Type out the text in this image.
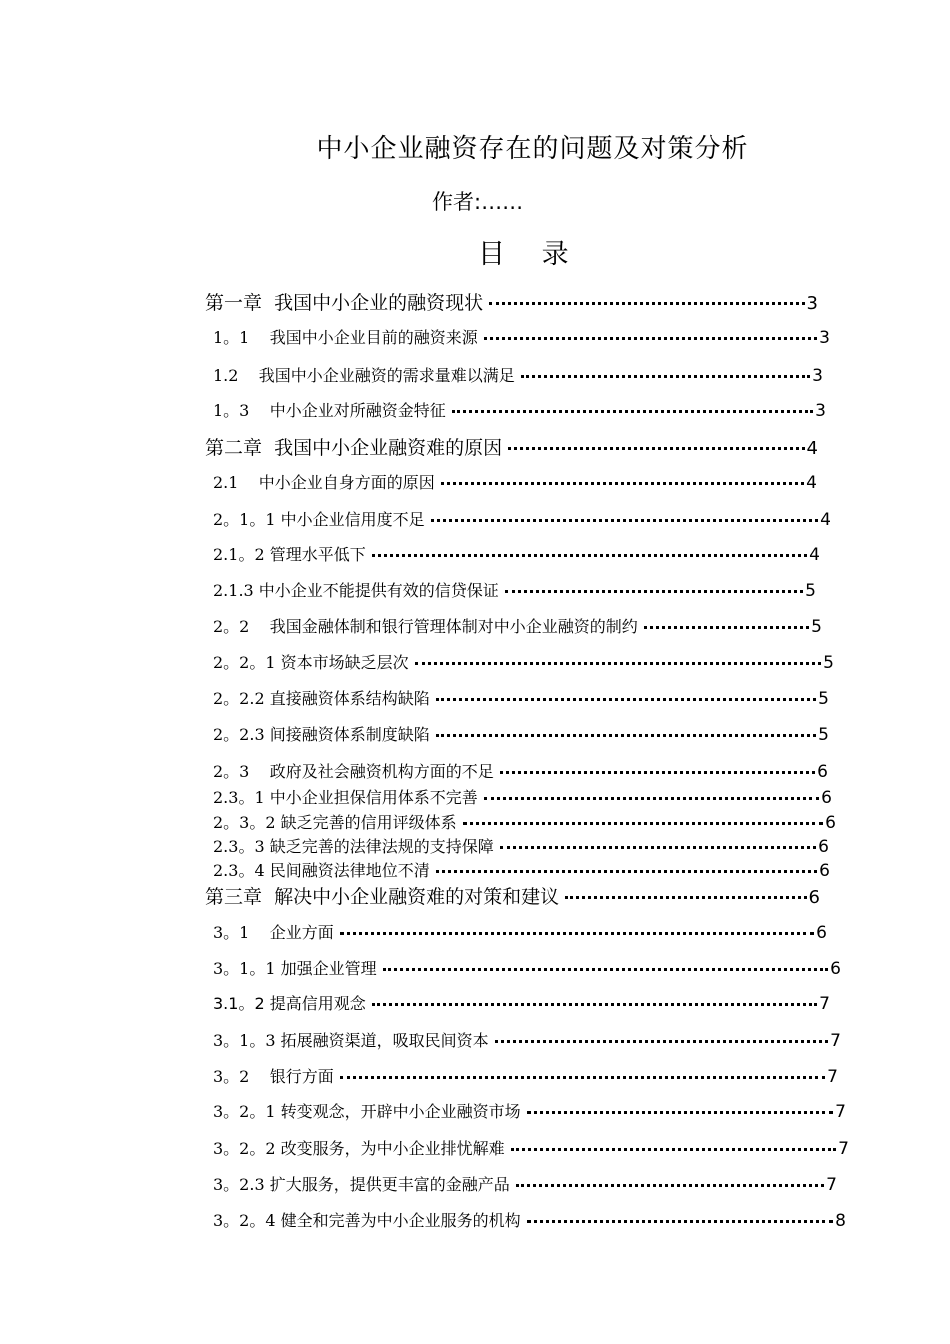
中小企业融资存在的问题及对策分析
作者:……
目 录
第一章  我国中小企业的融资现状	3
1。1    我国中小企业目前的融资来源	3
1.2    我国中小企业融资的需求量难以满足	3
1。3    中小企业对所融资金特征	3
第二章  我国中小企业融资难的原因	4
2.1    中小企业自身方面的原因	4
2。1。1 中小企业信用度不足	4
2.1。2 管理水平低下	4
2.1.3 中小企业不能提供有效的信贷保证	5
2。2    我国金融体制和银行管理体制对中小企业融资的制约	5
2。2。1 资本市场缺乏层次	5
2。2.2 直接融资体系结构缺陷	5
2。2.3 间接融资体系制度缺陷	5
2。3    政府及社会融资机构方面的不足	6
2.3。1 中小企业担保信用体系不完善	6
2。3。2 缺乏完善的信用评级体系	6
2.3。3 缺乏完善的法律法规的支持保障	6
2.3。4 民间融资法律地位不清	6
第三章  解决中小企业融资难的对策和建议	6
3。1    企业方面	6
3。1。1 加强企业管理	6
3.1。2 提高信用观念	7
3。1。3 拓展融资渠道，吸取民间资本	7
3。2    银行方面	7
3。2。1 转变观念，开辟中小企业融资市场	7
3。2。2 改变服务，为中小企业排忧解难	7
3。2.3 扩大服务，提供更丰富的金融产品	7
3。2。4 健全和完善为中小企业服务的机构	8
